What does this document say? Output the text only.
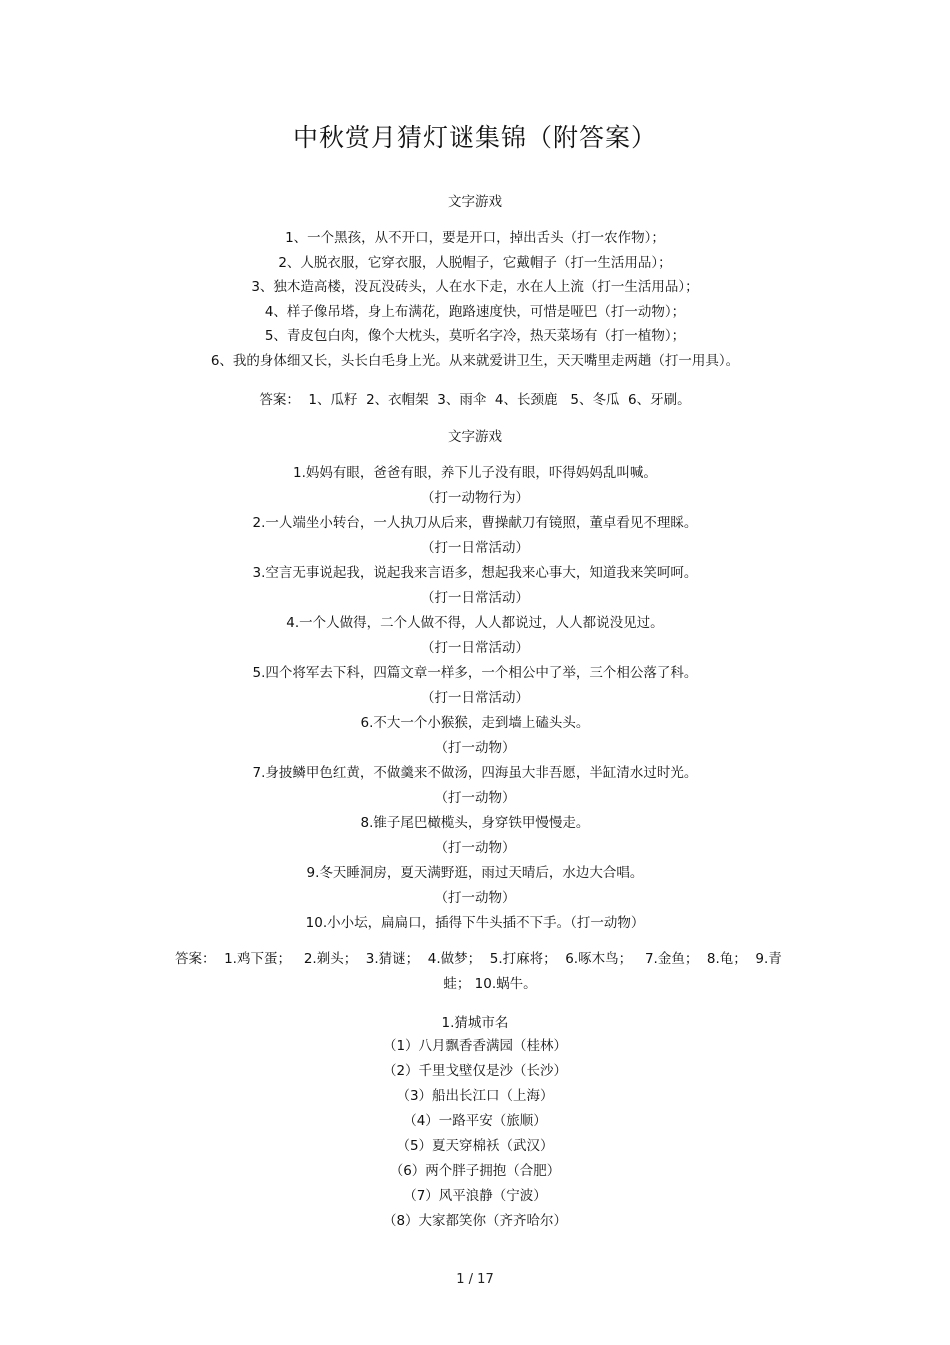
中秋赏月猜灯谜集锦（附答案）
文字游戏
1、一个黑孩，从不开口，要是开口，掉出舌头（打一农作物）；
2、人脱衣服，它穿衣服，人脱帽子，它戴帽子（打一生活用品）；
3、独木造高楼，没瓦没砖头，人在水下走，水在人上流（打一生活用品）；
4、样子像吊塔，身上布满花，跑路速度快，可惜是哑巴（打一动物）；
5、青皮包白肉，像个大枕头，莫听名字冷，热天菜场有（打一植物）；
6、我的身体细又长，头长白毛身上光。从来就爱讲卫生，天天嘴里走两趟（打一用具）。
答案：  1、瓜籽  2、衣帽架  3、雨伞  4、长颈鹿   5、冬瓜  6、牙刷。
文字游戏
1.妈妈有眼，爸爸有眼，养下儿子没有眼，吓得妈妈乱叫喊。
（打一动物行为）
2.一人端坐小转台，一人执刀从后来，曹操献刀有镜照，董卓看见不理睬。
（打一日常活动）
3.空言无事说起我，说起我来言语多，想起我来心事大，知道我来笑呵呵。
（打一日常活动）
4.一个人做得，二个人做不得，人人都说过，人人都说没见过。
（打一日常活动）
5.四个将军去下科，四篇文章一样多，一个相公中了举，三个相公落了科。
（打一日常活动）
6.不大一个小猴猴，走到墙上磕头头。
（打一动物）
7.身披鳞甲色红黄，不做羹来不做汤，四海虽大非吾愿，半缸清水过时光。
（打一动物）
8.锥子尾巴橄榄头，身穿铁甲慢慢走。
（打一动物）
9.冬天睡洞房，夏天满野逛，雨过天晴后，水边大合唱。
（打一动物）
10.小小坛，扁扁口，插得下牛头插不下手。（打一动物）
答案：  1.鸡下蛋；   2.剃头；  3.猜谜；  4.做梦；  5.打麻将；  6.啄木鸟；   7.金鱼；  8.龟；  9.青
蛙； 10.蜗牛。
1.猜城市名
（1）八月飘香香满园（桂林）
（2）千里戈壁仅是沙（长沙）
（3）船出长江口（上海）
（4）一路平安（旅顺）
（5）夏天穿棉袄（武汉）
（6）两个胖子拥抱（合肥）
（7）风平浪静（宁波）
（8）大家都笑你（齐齐哈尔）
1 / 17
